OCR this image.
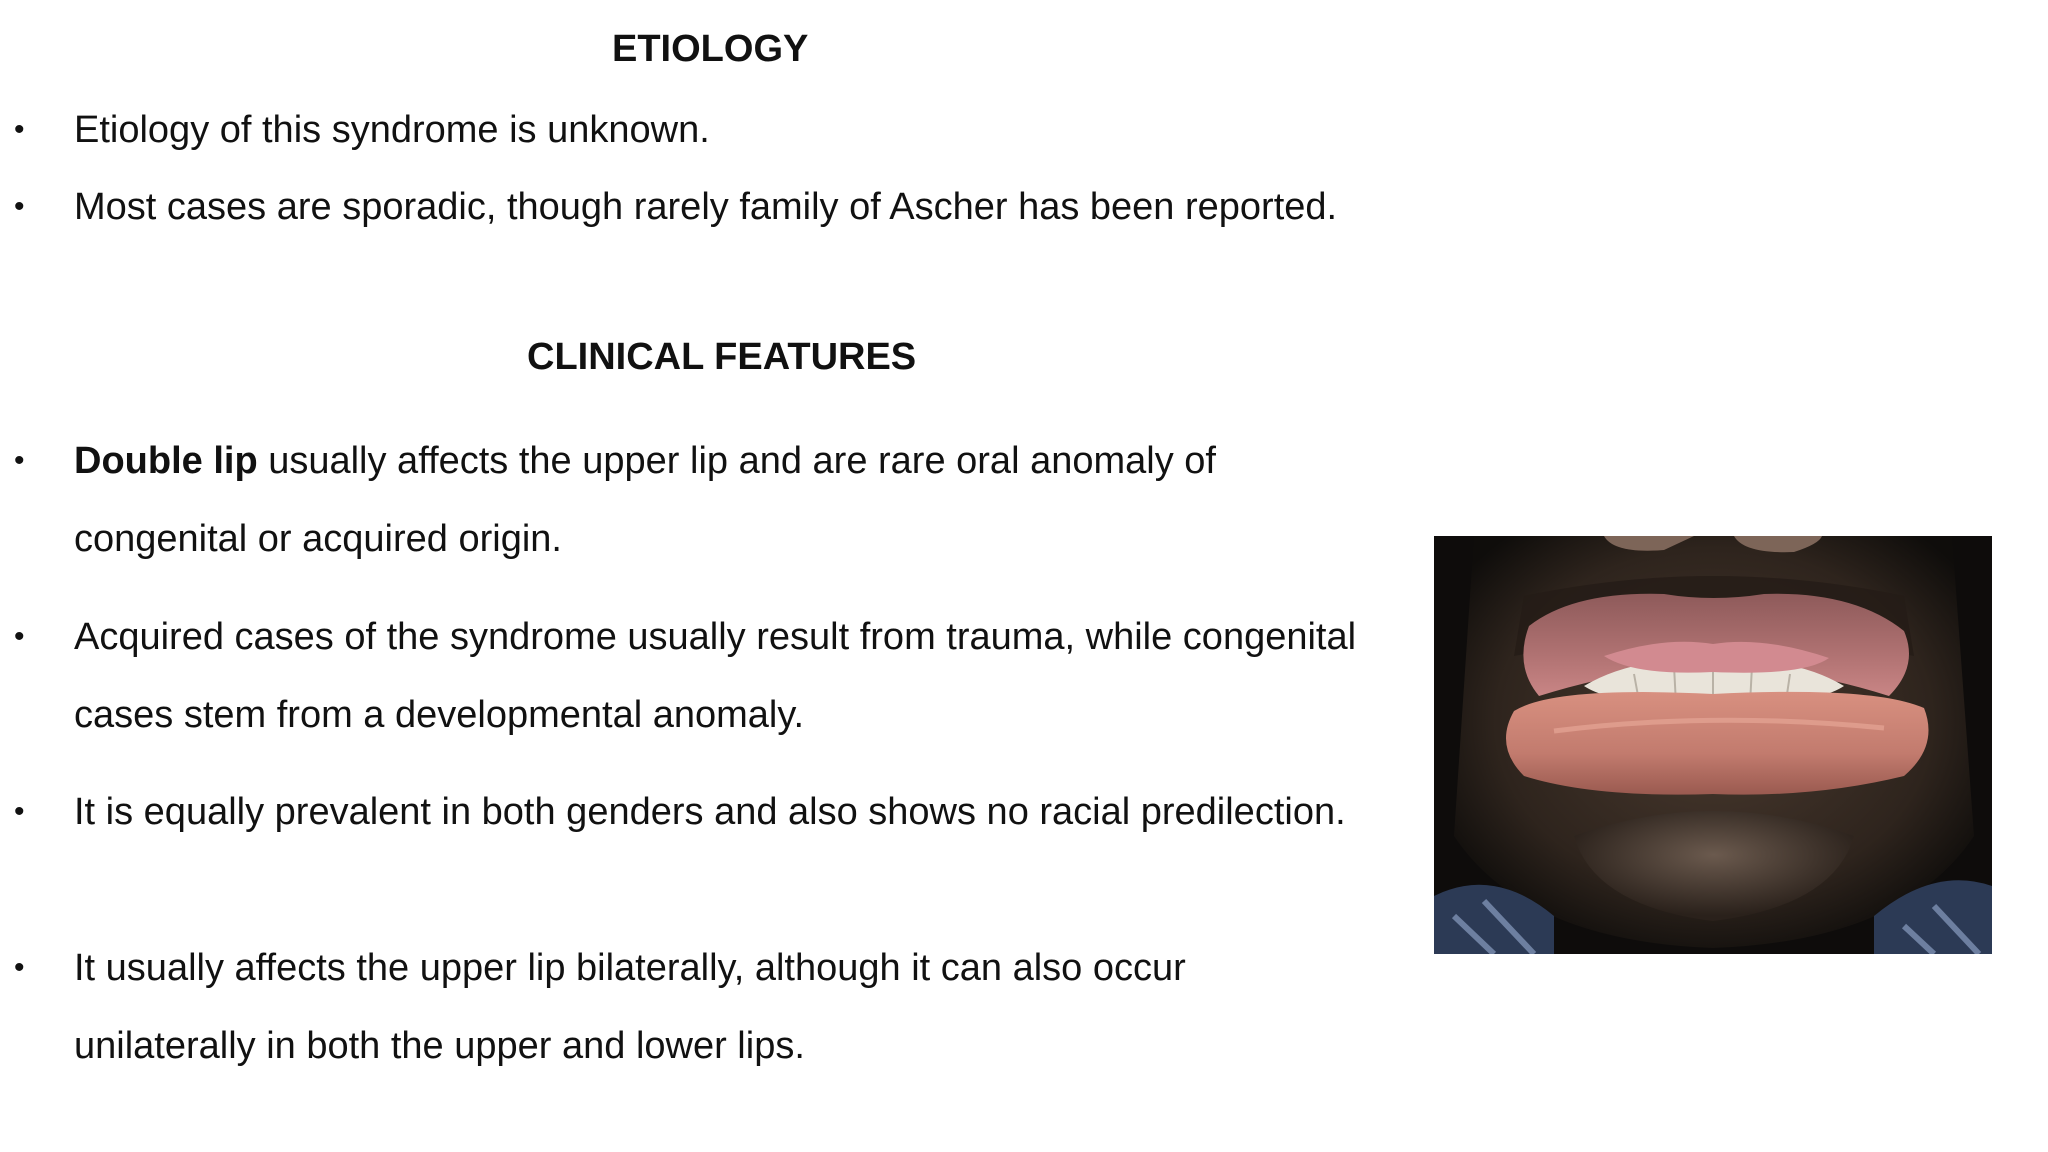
ETIOLOGY
• Etiology of this syndrome is unknown.
• Most cases are sporadic, though rarely family of Ascher has been reported.
CLINICAL FEATURES
• Double lip usually affects the upper lip and are rare oral anomaly of congenital or acquired origin.
• Acquired cases of the syndrome usually result from trauma, while congenital cases stem from a developmental anomaly.
• It is equally prevalent in both genders and also shows no racial predilection.
• It usually affects the upper lip bilaterally, although it can also occur unilaterally in both the upper and lower lips.
